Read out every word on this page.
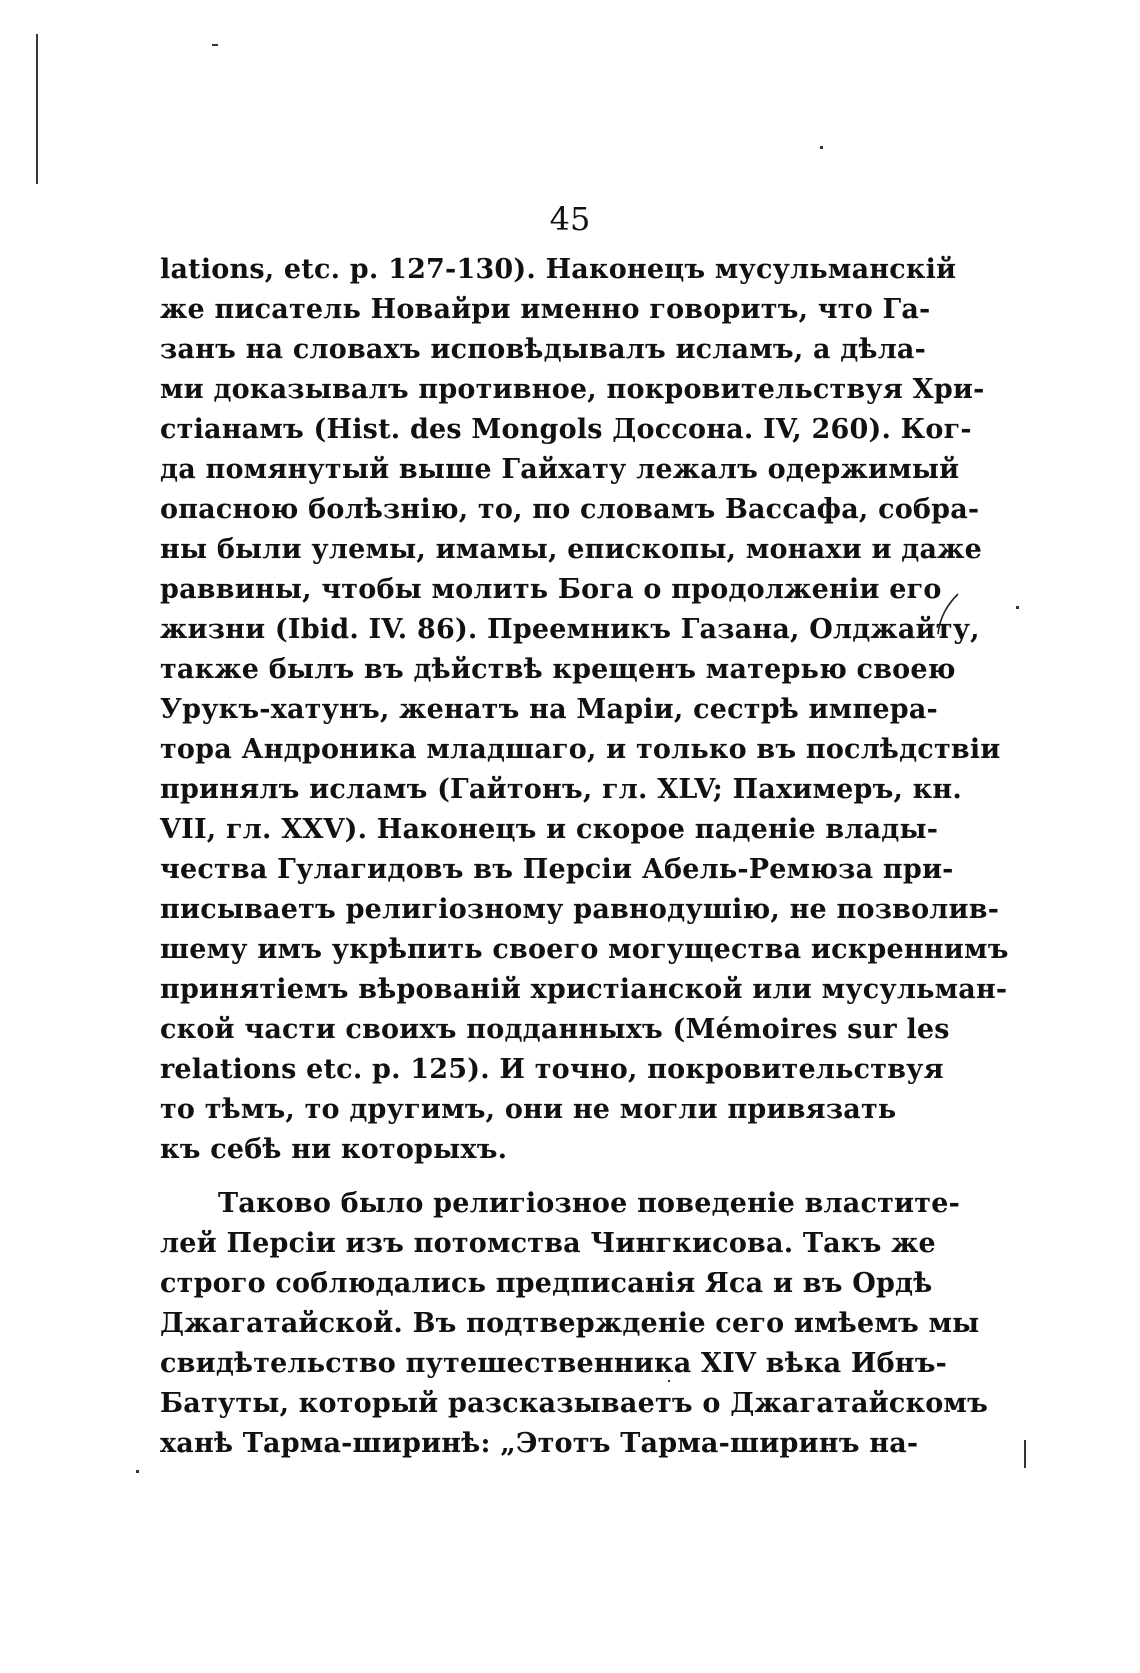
45
lations, etc. p. 127-130). Наконецъ мусульманскій
же писатель Новайри именно говоритъ, что Га-
занъ на словахъ исповѣдывалъ исламъ, а дѣла-
ми доказывалъ противное, покровительствуя Хри-
стіанамъ (Hist. des Mongols Доссона. IV, 260). Ког-
да помянутый выше Гайхату лежалъ одержимый
опасною болѣзнію, то, по словамъ Вассафа, собра-
ны были улемы, имамы, епископы, монахи и даже
раввины, чтобы молить Бога о продолженіи его
жизни (Ibid. IV. 86). Преемникъ Газана, Олджайту,
также былъ въ дѣйствѣ крещенъ матерью своею
Урукъ-хатунъ, женатъ на Маріи, сестрѣ импера-
тора Андроника младшаго, и только въ послѣдствіи
принялъ исламъ (Гайтонъ, гл. XLV; Пахимеръ, кн.
VII, гл. XXV). Наконецъ и скорое паденіе влады-
чества Гулагидовъ въ Персіи Абель-Ремюза при-
писываетъ религіозному равнодушію, не позволив-
шему имъ укрѣпить своего могущества искреннимъ
принятіемъ вѣрованій христіанской или мусульман-
ской части своихъ подданныхъ (Mémoires sur les
relations etc. p. 125). И точно, покровительствуя
то тѣмъ, то другимъ, они не могли привязать
къ себѣ ни которыхъ.
Таково было религіозное поведеніе властите-
лей Персіи изъ потомства Чингкисова. Такъ же
строго соблюдались предписанія Яса и въ Ордѣ
Джагатайской. Въ подтвержденіе сего имѣемъ мы
свидѣтельство путешественника XIV вѣка Ибнъ-
Батуты, который разсказываетъ о Джагатайскомъ
ханѣ Тарма-ширинѣ: „Этотъ Тарма-ширинъ на-
